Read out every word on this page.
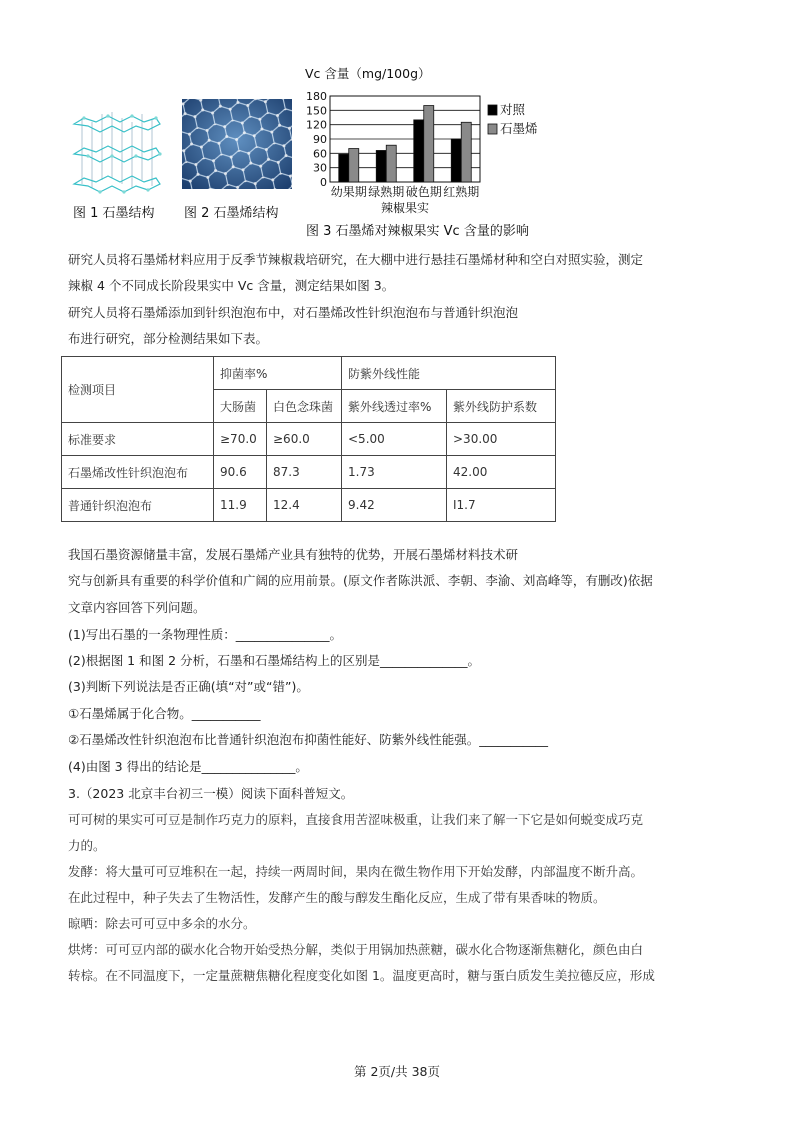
图 1 石墨结构 图 2 石墨烯结构
Vc 含量（mg/100g）
180
150
120
90
60
30
0
幼果期 绿熟期 破色期 红熟期
辣椒果实
对照
石墨烯
图 3 石墨烯对辣椒果实 Vc 含量的影响
研究人员将石墨烯材料应用于反季节辣椒栽培研究，在大棚中进行悬挂石墨烯材种和空白对照实验，测定
辣椒 4 个不同成长阶段果实中 Vc 含量，测定结果如图 3。
研究人员将石墨烯添加到针织泡泡布中，对石墨烯改性针织泡泡布与普通针织泡泡
布进行研究，部分检测结果如下表。
检测项目	抑菌率%		防紫外线性能	
	大肠菌	白色念珠菌	紫外线透过率%	紫外线防护系数
标准要求	≥70.0	≥60.0	<5.00	>30.00
石墨烯改性针织泡泡布	90.6	87.3	1.73	42.00
普通针织泡泡布	11.9	12.4	9.42	I1.7
我国石墨资源储量丰富，发展石墨烯产业具有独特的优势，开展石墨烯材料技术研
究与创新具有重要的科学价值和广阔的应用前景。(原文作者陈洪派、李朝、李渝、刘高峰等，有删改)依据
文章内容回答下列问题。
(1)写出石墨的一条物理性质：_______________。
(2)根据图 1 和图 2 分析，石墨和石墨烯结构上的区别是______________。
(3)判断下列说法是否正确(填“对”或“错”)。
①石墨烯属于化合物。___________
②石墨烯改性针织泡泡布比普通针织泡泡布抑菌性能好、防紫外线性能强。___________
(4)由图 3 得出的结论是_______________。
3.（2023 北京丰台初三一模）阅读下面科普短文。
可可树的果实可可豆是制作巧克力的原料，直接食用苦涩味极重，让我们来了解一下它是如何蜕变成巧克
力的。
发酵：将大量可可豆堆积在一起，持续一两周时间，果肉在微生物作用下开始发酵，内部温度不断升高。
在此过程中，种子失去了生物活性，发酵产生的酸与醇发生酯化反应，生成了带有果香味的物质。
晾晒：除去可可豆中多余的水分。
烘烤：可可豆内部的碳水化合物开始受热分解，类似于用锅加热蔗糖，碳水化合物逐渐焦糖化，颜色由白
转棕。在不同温度下，一定量蔗糖焦糖化程度变化如图 1。温度更高时，糖与蛋白质发生美拉德反应，形成
第 2页/共 38页
